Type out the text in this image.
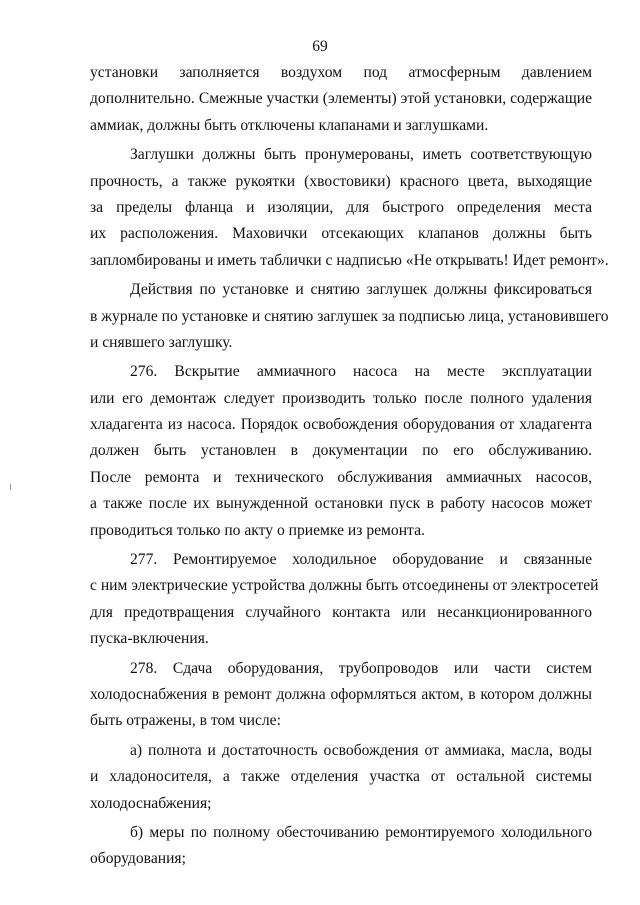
69
установки заполняется воздухом под атмосферным давлением
дополнительно. Смежные участки (элементы) этой установки, содержащие
аммиак, должны быть отключены клапанами и заглушками.
Заглушки должны быть пронумерованы, иметь соответствующую
прочность, а также рукоятки (хвостовики) красного цвета, выходящие
за пределы фланца и изоляции, для быстрого определения места
их расположения. Маховички отсекающих клапанов должны быть
запломбированы и иметь таблички с надписью «Не открывать! Идет ремонт».
Действия по установке и снятию заглушек должны фиксироваться
в журнале по установке и снятию заглушек за подписью лица, установившего
и снявшего заглушку.
276. Вскрытие аммиачного насоса на месте эксплуатации
или его демонтаж следует производить только после полного удаления
хладагента из насоса. Порядок освобождения оборудования от хладагента
должен быть установлен в документации по его обслуживанию.
После ремонта и технического обслуживания аммиачных насосов,
а также после их вынужденной остановки пуск в работу насосов может
проводиться только по акту о приемке из ремонта.
277. Ремонтируемое холодильное оборудование и связанные
с ним электрические устройства должны быть отсоединены от электросетей
для предотвращения случайного контакта или несанкционированного
пуска-включения.
278. Сдача оборудования, трубопроводов или части систем
холодоснабжения в ремонт должна оформляться актом, в котором должны
быть отражены, в том числе:
а) полнота и достаточность освобождения от аммиака, масла, воды
и хладоносителя, а также отделения участка от остальной системы
холодоснабжения;
б) меры по полному обесточиванию ремонтируемого холодильного
оборудования;
